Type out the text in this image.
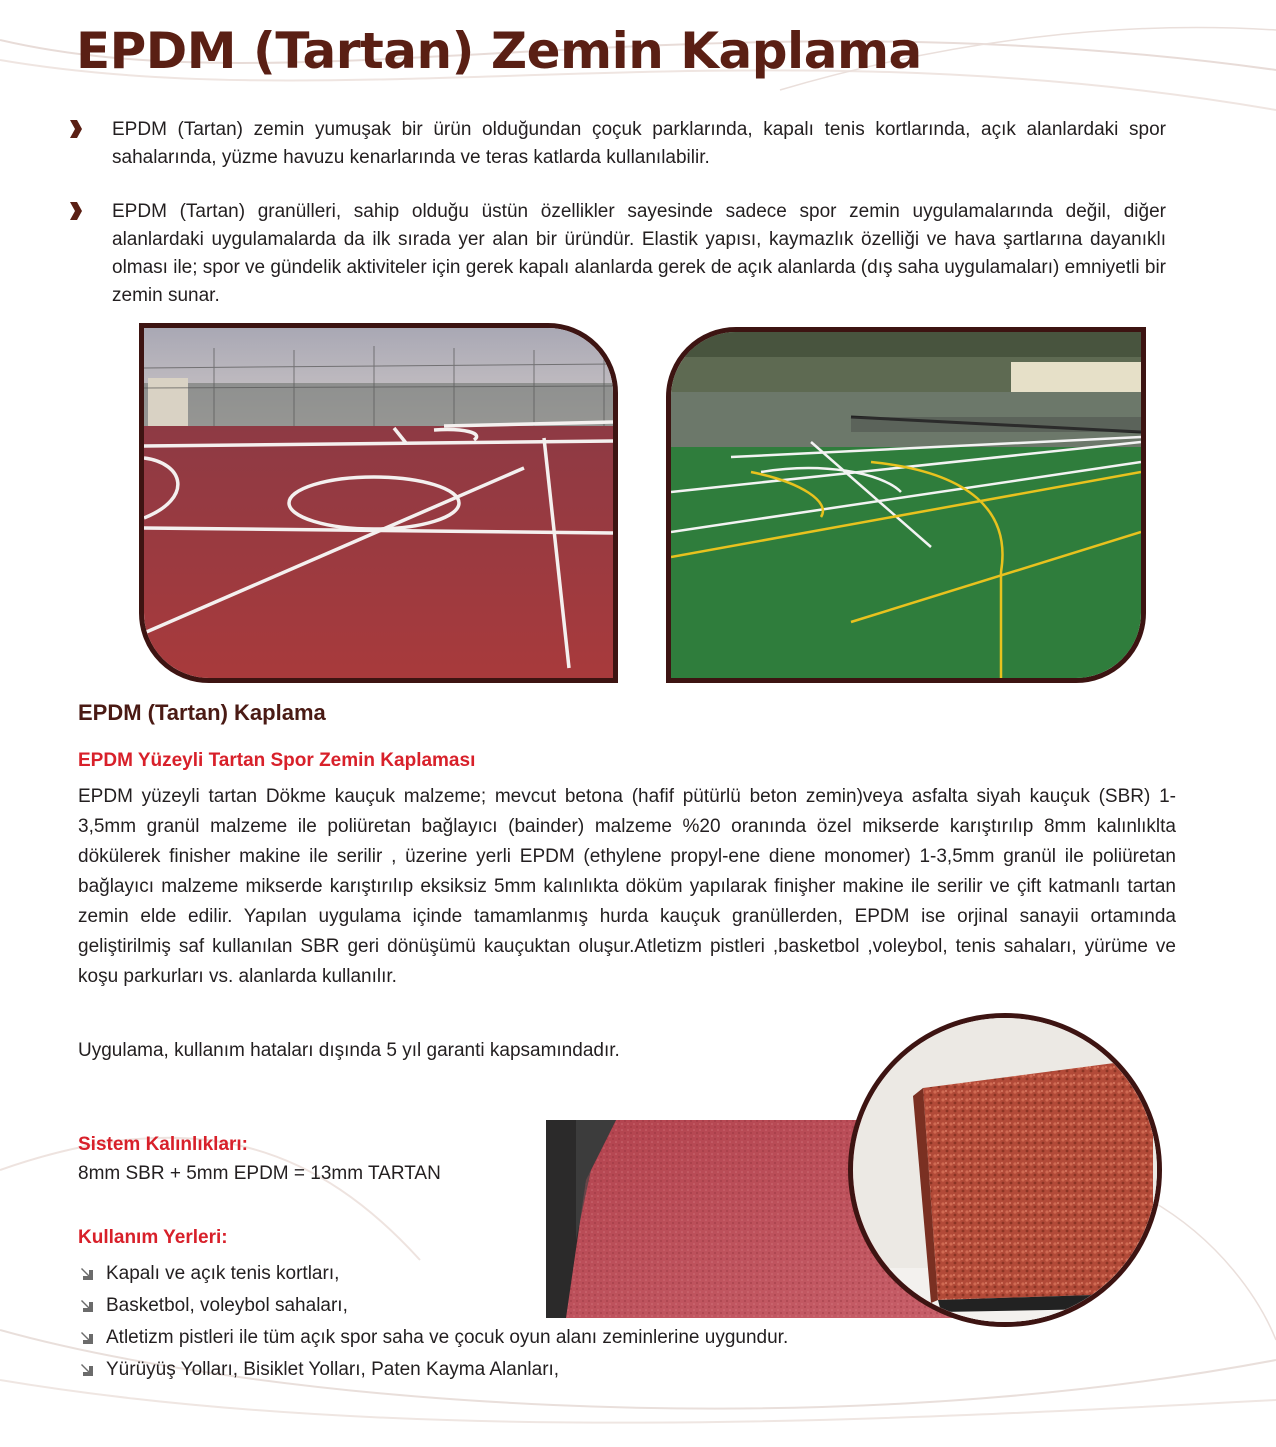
EPDM (Tartan) Zemin Kaplama

EPDM (Tartan) zemin yumuşak bir ürün olduğundan çoçuk parklarında, kapalı tenis kortlarında, açık alanlardaki spor sahalarında, yüzme havuzu kenarlarında ve teras katlarda kullanılabilir.

EPDM (Tartan) granülleri, sahip olduğu üstün özellikler sayesinde sadece spor zemin uygulamalarında değil, diğer alanlardaki uygulamalarda da ilk sırada yer alan bir üründür. Elastik yapısı, kaymazlık özelliği ve hava şartlarına dayanıklı olması ile; spor ve gündelik aktiviteler için gerek kapalı alanlarda gerek de açık alanlarda (dış saha uygulamaları) emniyetli bir zemin sunar.

EPDM (Tartan) Kaplama
EPDM Yüzeyli Tartan Spor Zemin Kaplaması

EPDM yüzeyli tartan Dökme kauçuk malzeme; mevcut betona (hafif pütürlü beton zemin)veya asfalta siyah kauçuk (SBR) 1-3,5mm granül malzeme ile poliüretan bağlayıcı (bainder) malzeme %20 oranında özel mikserde karıştırılıp 8mm kalınlıklta dökülerek finisher makine ile serilir , üzerine yerli EPDM (ethylene propyl-ene diene monomer) 1-3,5mm granül ile poliüretan bağlayıcı malzeme mikserde karıştırılıp eksiksiz 5mm kalınlıkta döküm yapılarak finişher makine ile serilir ve çift katmanlı tartan zemin elde edilir. Yapılan uygulama içinde tamamlanmış hurda kauçuk granüllerden, EPDM ise orjinal sanayii ortamında geliştirilmiş saf kullanılan SBR geri dönüşümü kauçuktan oluşur.Atletizm pistleri ,basketbol ,voleybol, tenis sahaları, yürüme ve koşu parkurları vs. alanlarda kullanılır.

Uygulama, kullanım hataları dışında 5 yıl garanti kapsamındadır.

Sistem Kalınlıkları:

8mm SBR + 5mm EPDM = 13mm TARTAN

Kullanım Yerleri:

Kapalı ve açık tenis kortları,
Basketbol, voleybol sahaları,
Atletizm pistleri ile tüm açık spor saha ve çocuk oyun alanı zeminlerine uygundur.
Yürüyüş Yolları, Bisiklet Yolları, Paten Kayma Alanları,
